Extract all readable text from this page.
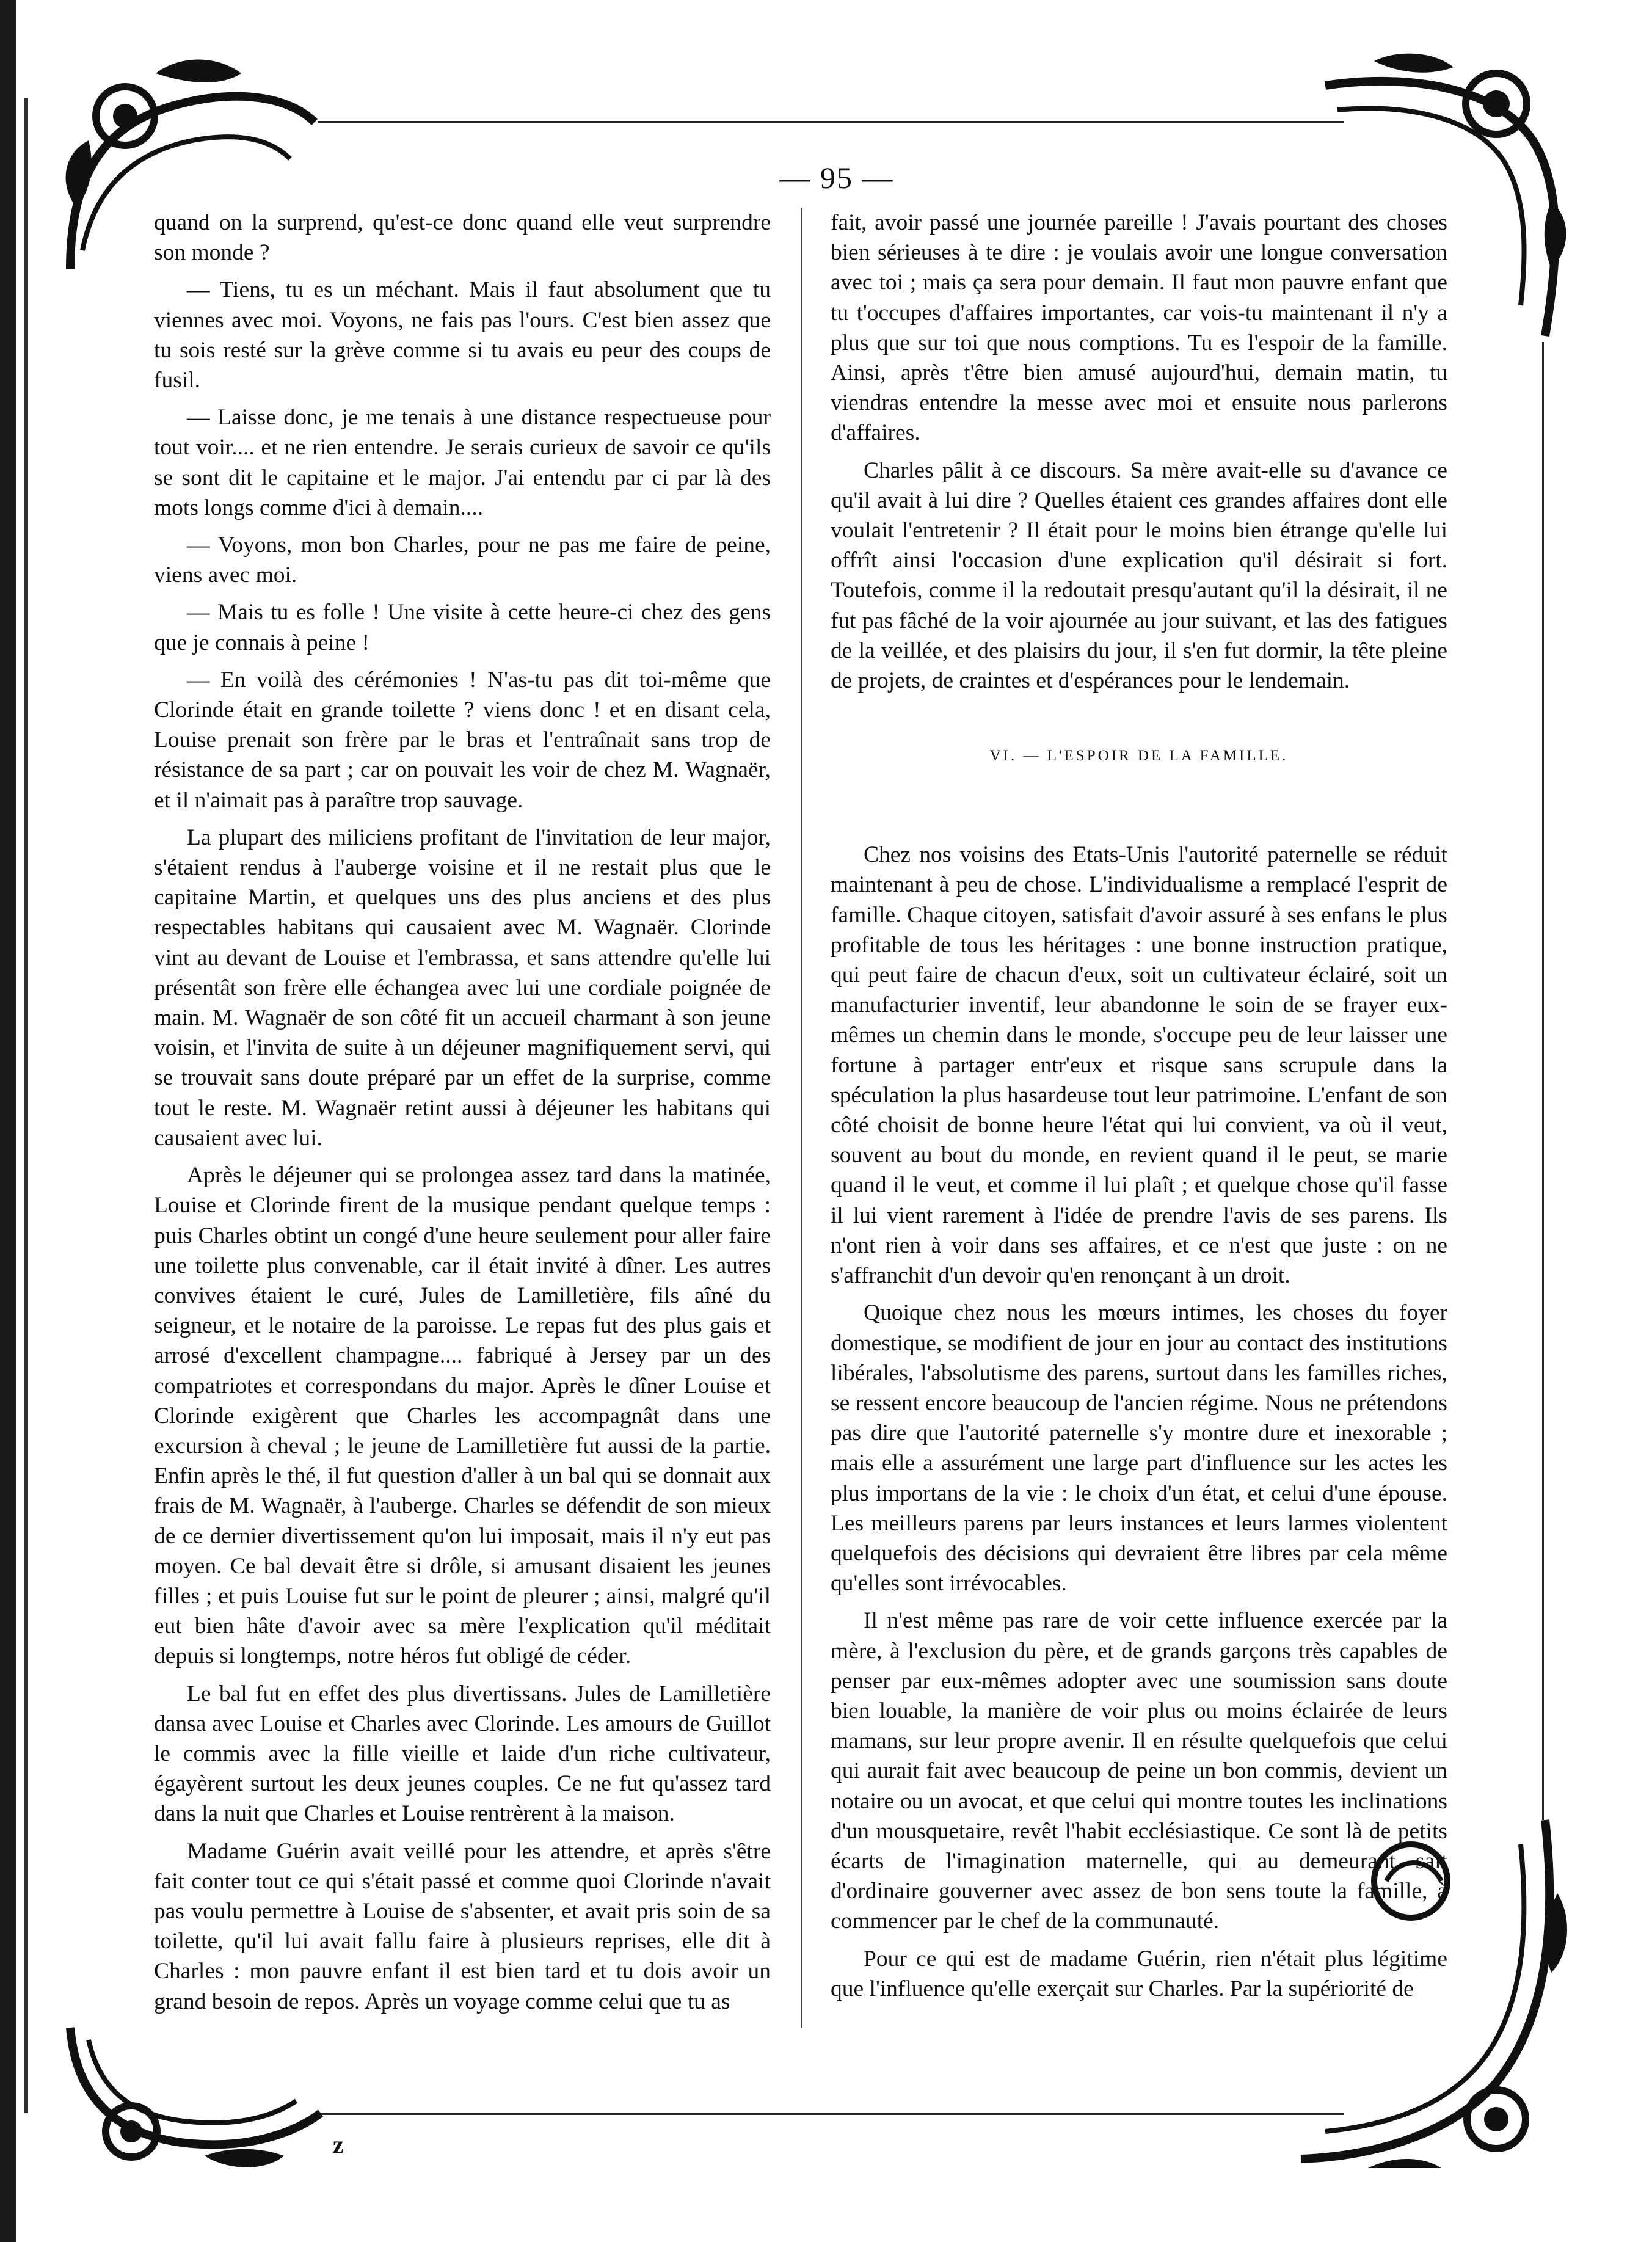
— 95 —

quand on la surprend, qu'est-ce donc quand elle veut surprendre son monde ?

— Tiens, tu es un méchant. Mais il faut absolument que tu viennes avec moi. Voyons, ne fais pas l'ours. C'est bien assez que tu sois resté sur la grève comme si tu avais eu peur des coups de fusil.

— Laisse donc, je me tenais à une distance respectueuse pour tout voir.... et ne rien entendre. Je serais curieux de savoir ce qu'ils se sont dit le capitaine et le major. J'ai entendu par ci par là des mots longs comme d'ici à demain....

— Voyons, mon bon Charles, pour ne pas me faire de peine, viens avec moi.

— Mais tu es folle ! Une visite à cette heure-ci chez des gens que je connais à peine !

— En voilà des cérémonies ! N'as-tu pas dit toi-même que Clorinde était en grande toilette ? viens donc ! et en disant cela, Louise prenait son frère par le bras et l'entraînait sans trop de résistance de sa part ; car on pouvait les voir de chez M. Wagnaër, et il n'aimait pas à paraître trop sauvage.

La plupart des miliciens profitant de l'invitation de leur major, s'étaient rendus à l'auberge voisine et il ne restait plus que le capitaine Martin, et quelques uns des plus anciens et des plus respectables habitans qui causaient avec M. Wagnaër. Clorinde vint au devant de Louise et l'embrassa, et sans attendre qu'elle lui présentât son frère elle échangea avec lui une cordiale poignée de main. M. Wagnaër de son côté fit un accueil charmant à son jeune voisin, et l'invita de suite à un déjeuner magnifiquement servi, qui se trouvait sans doute préparé par un effet de la surprise, comme tout le reste. M. Wagnaër retint aussi à déjeuner les habitans qui causaient avec lui.

Après le déjeuner qui se prolongea assez tard dans la matinée, Louise et Clorinde firent de la musique pendant quelque temps : puis Charles obtint un congé d'une heure seulement pour aller faire une toilette plus convenable, car il était invité à dîner. Les autres convives étaient le curé, Jules de Lamilletière, fils aîné du seigneur, et le notaire de la paroisse. Le repas fut des plus gais et arrosé d'excellent champagne.... fabriqué à Jersey par un des compatriotes et correspondans du major. Après le dîner Louise et Clorinde exigèrent que Charles les accompagnât dans une excursion à cheval ; le jeune de Lamilletière fut aussi de la partie. Enfin après le thé, il fut question d'aller à un bal qui se donnait aux frais de M. Wagnaër, à l'auberge. Charles se défendit de son mieux de ce dernier divertissement qu'on lui imposait, mais il n'y eut pas moyen. Ce bal devait être si drôle, si amusant disaient les jeunes filles ; et puis Louise fut sur le point de pleurer ; ainsi, malgré qu'il eut bien hâte d'avoir avec sa mère l'explication qu'il méditait depuis si longtemps, notre héros fut obligé de céder.

Le bal fut en effet des plus divertissans. Jules de Lamilletière dansa avec Louise et Charles avec Clorinde. Les amours de Guillot le commis avec la fille vieille et laide d'un riche cultivateur, égayèrent surtout les deux jeunes couples. Ce ne fut qu'assez tard dans la nuit que Charles et Louise rentrèrent à la maison.

Madame Guérin avait veillé pour les attendre, et après s'être fait conter tout ce qui s'était passé et comme quoi Clorinde n'avait pas voulu permettre à Louise de s'absenter, et avait pris soin de sa toilette, qu'il lui avait fallu faire à plusieurs reprises, elle dit à Charles : mon pauvre enfant il est bien tard et tu dois avoir un grand besoin de repos. Après un voyage comme celui que tu as

fait, avoir passé une journée pareille ! J'avais pourtant des choses bien sérieuses à te dire : je voulais avoir une longue conversation avec toi ; mais ça sera pour demain. Il faut mon pauvre enfant que tu t'occupes d'affaires importantes, car vois-tu maintenant il n'y a plus que sur toi que nous comptions. Tu es l'espoir de la famille. Ainsi, après t'être bien amusé aujourd'hui, demain matin, tu viendras entendre la messe avec moi et ensuite nous parlerons d'affaires.

Charles pâlit à ce discours. Sa mère avait-elle su d'avance ce qu'il avait à lui dire ? Quelles étaient ces grandes affaires dont elle voulait l'entretenir ? Il était pour le moins bien étrange qu'elle lui offrît ainsi l'occasion d'une explication qu'il désirait si fort. Toutefois, comme il la redoutait presqu'autant qu'il la désirait, il ne fut pas fâché de la voir ajournée au jour suivant, et las des fatigues de la veillée, et des plaisirs du jour, il s'en fut dormir, la tête pleine de projets, de craintes et d'espérances pour le lendemain.

VI. — L'ESPOIR DE LA FAMILLE.

Chez nos voisins des Etats-Unis l'autorité paternelle se réduit maintenant à peu de chose. L'individualisme a remplacé l'esprit de famille. Chaque citoyen, satisfait d'avoir assuré à ses enfans le plus profitable de tous les héritages : une bonne instruction pratique, qui peut faire de chacun d'eux, soit un cultivateur éclairé, soit un manufacturier inventif, leur abandonne le soin de se frayer eux-mêmes un chemin dans le monde, s'occupe peu de leur laisser une fortune à partager entr'eux et risque sans scrupule dans la spéculation la plus hasardeuse tout leur patrimoine. L'enfant de son côté choisit de bonne heure l'état qui lui convient, va où il veut, souvent au bout du monde, en revient quand il le peut, se marie quand il le veut, et comme il lui plaît ; et quelque chose qu'il fasse il lui vient rarement à l'idée de prendre l'avis de ses parens. Ils n'ont rien à voir dans ses affaires, et ce n'est que juste : on ne s'affranchit d'un devoir qu'en renonçant à un droit.

Quoique chez nous les mœurs intimes, les choses du foyer domestique, se modifient de jour en jour au contact des institutions libérales, l'absolutisme des parens, surtout dans les familles riches, se ressent encore beaucoup de l'ancien régime. Nous ne prétendons pas dire que l'autorité paternelle s'y montre dure et inexorable ; mais elle a assurément une large part d'influence sur les actes les plus importans de la vie : le choix d'un état, et celui d'une épouse. Les meilleurs parens par leurs instances et leurs larmes violentent quelquefois des décisions qui devraient être libres par cela même qu'elles sont irrévocables.

Il n'est même pas rare de voir cette influence exercée par la mère, à l'exclusion du père, et de grands garçons très capables de penser par eux-mêmes adopter avec une soumission sans doute bien louable, la manière de voir plus ou moins éclairée de leurs mamans, sur leur propre avenir. Il en résulte quelquefois que celui qui aurait fait avec beaucoup de peine un bon commis, devient un notaire ou un avocat, et que celui qui montre toutes les inclinations d'un mousquetaire, revêt l'habit ecclésiastique. Ce sont là de petits écarts de l'imagination maternelle, qui au demeurant sait d'ordinaire gouverner avec assez de bon sens toute la famille, à commencer par le chef de la communauté.

Pour ce qui est de madame Guérin, rien n'était plus légitime que l'influence qu'elle exerçait sur Charles. Par la supériorité de

z
